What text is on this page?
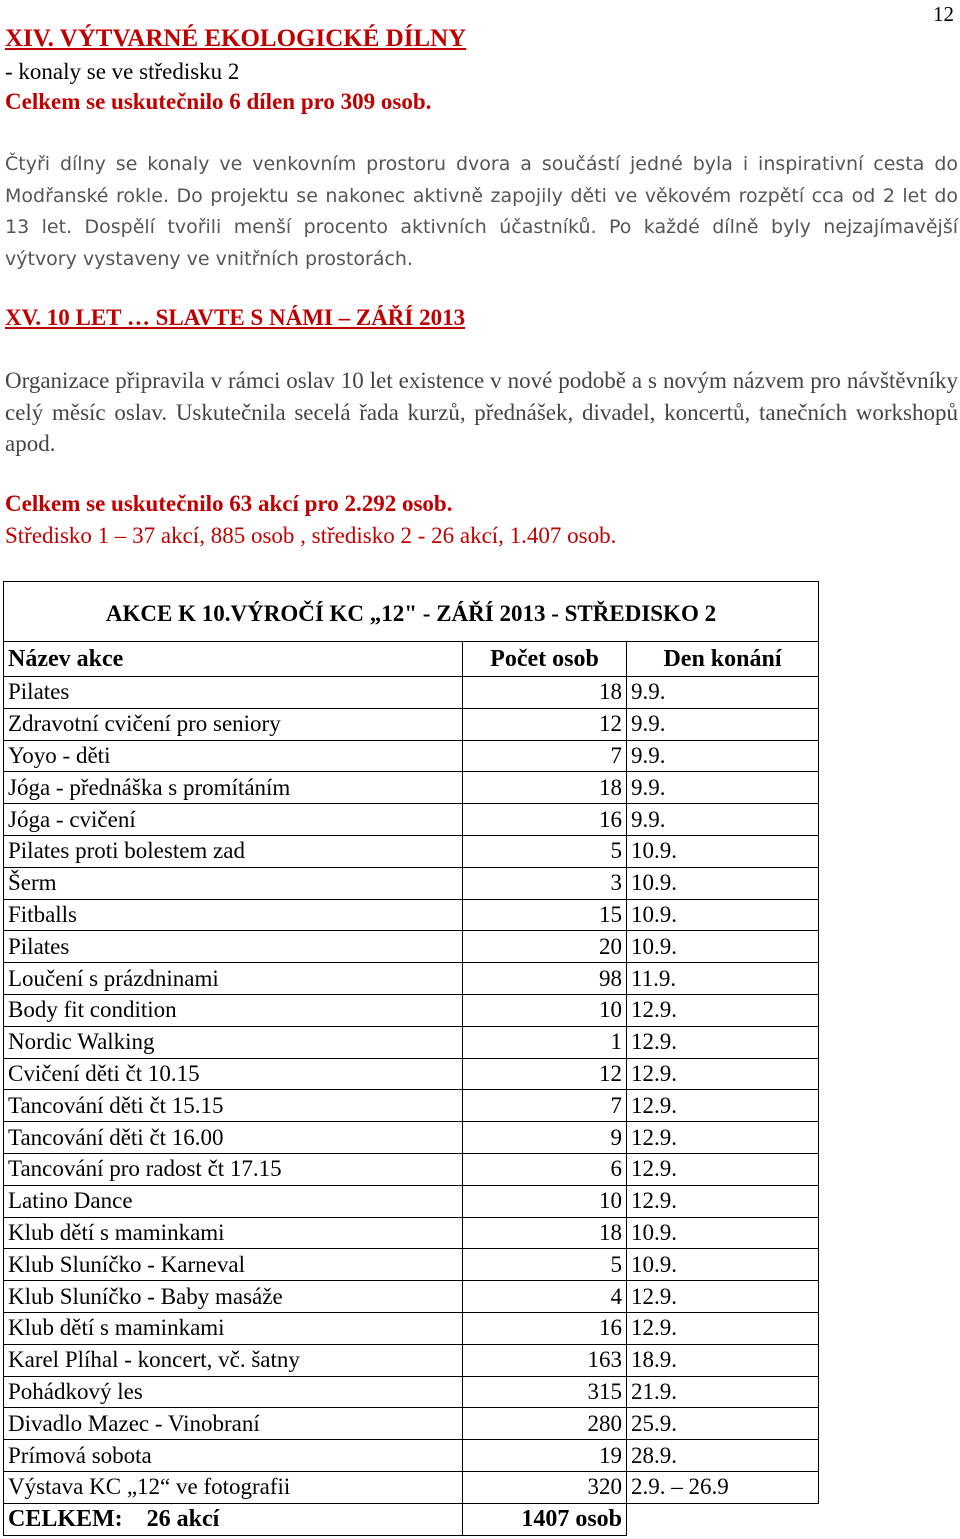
12
XIV. VÝTVARNÉ EKOLOGICKÉ DÍLNY
- konaly se ve středisku 2
Celkem se uskutečnilo 6 dílen pro 309 osob.
Čtyři dílny se konaly ve venkovním prostoru dvora a součástí jedné byla i inspirativní cesta do Modřanské rokle. Do projektu se nakonec aktivně zapojily děti ve věkovém rozpětí cca od 2 let do 13 let. Dospělí tvořili menší procento aktivních účastníků. Po každé dílně byly nejzajímavější výtvory vystaveny ve vnitřních prostorách.
XV. 10 LET … SLAVTE S NÁMI – ZÁŘÍ 2013
Organizace připravila v rámci oslav 10 let existence v nové podobě a s novým názvem pro návštěvníky celý měsíc oslav. Uskutečnila secelá řada kurzů, přednášek, divadel, koncertů, tanečních workshopů apod.
Celkem se uskutečnilo 63 akcí pro 2.292 osob.
Středisko 1 – 37 akcí, 885 osob , středisko 2 - 26 akcí, 1.407 osob.
AKCE K 10.VÝROČÍ KC „12" - ZÁŘÍ 2013 - STŘEDISKO 2		
Název akce	Počet osob	Den konání
Pilates	18	9.9.
Zdravotní cvičení pro seniory	12	9.9.
Yoyo - děti	7	9.9.
Jóga - přednáška s promítáním	18	9.9.
Jóga - cvičení	16	9.9.
Pilates proti bolestem zad	5	10.9.
Šerm	3	10.9.
Fitballs	15	10.9.
Pilates	20	10.9.
Loučení s prázdninami	98	11.9.
Body fit condition	10	12.9.
Nordic Walking	1	12.9.
Cvičení děti čt 10.15	12	12.9.
Tancování děti čt 15.15	7	12.9.
Tancování děti čt 16.00	9	12.9.
Tancování pro radost čt 17.15	6	12.9.
Latino Dance	10	12.9.
Klub dětí s maminkami	18	10.9.
Klub Sluníčko - Karneval	5	10.9.
Klub Sluníčko - Baby masáže	4	12.9.
Klub dětí s maminkami	16	12.9.
Karel Plíhal - koncert, vč. šatny	163	18.9.
Pohádkový les	315	21.9.
Divadlo Mazec - Vinobraní	280	25.9.
Prímová sobota	19	28.9.
Výstava KC „12“ ve fotografii	320	2.9. – 26.9
CELKEM:    26 akcí	1407 osob	
